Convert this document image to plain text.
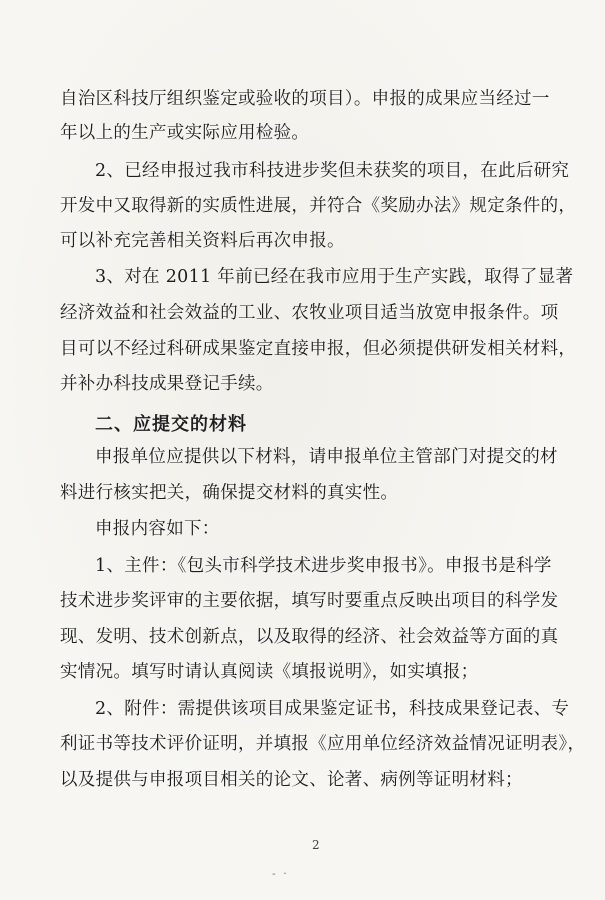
自治区科技厅组织鉴定或验收的项目）。申报的成果应当经过一
年以上的生产或实际应用检验。
2、已经申报过我市科技进步奖但未获奖的项目，在此后研究
开发中又取得新的实质性进展，并符合《奖励办法》规定条件的，
可以补充完善相关资料后再次申报。
3、对在 2011 年前已经在我市应用于生产实践，取得了显著
经济效益和社会效益的工业、农牧业项目适当放宽申报条件。项
目可以不经过科研成果鉴定直接申报，但必须提供研发相关材料，
并补办科技成果登记手续。
二、应提交的材料
申报单位应提供以下材料，请申报单位主管部门对提交的材
料进行核实把关，确保提交材料的真实性。
申报内容如下：
1、主件：《包头市科学技术进步奖申报书》。申报书是科学
技术进步奖评审的主要依据，填写时要重点反映出项目的科学发
现、发明、技术创新点，以及取得的经济、社会效益等方面的真
实情况。填写时请认真阅读《填报说明》，如实填报；
2、附件：需提供该项目成果鉴定证书，科技成果登记表、专
利证书等技术评价证明，并填报《应用单位经济效益情况证明表》，
以及提供与申报项目相关的论文、论著、病例等证明材料；
2
- ·
